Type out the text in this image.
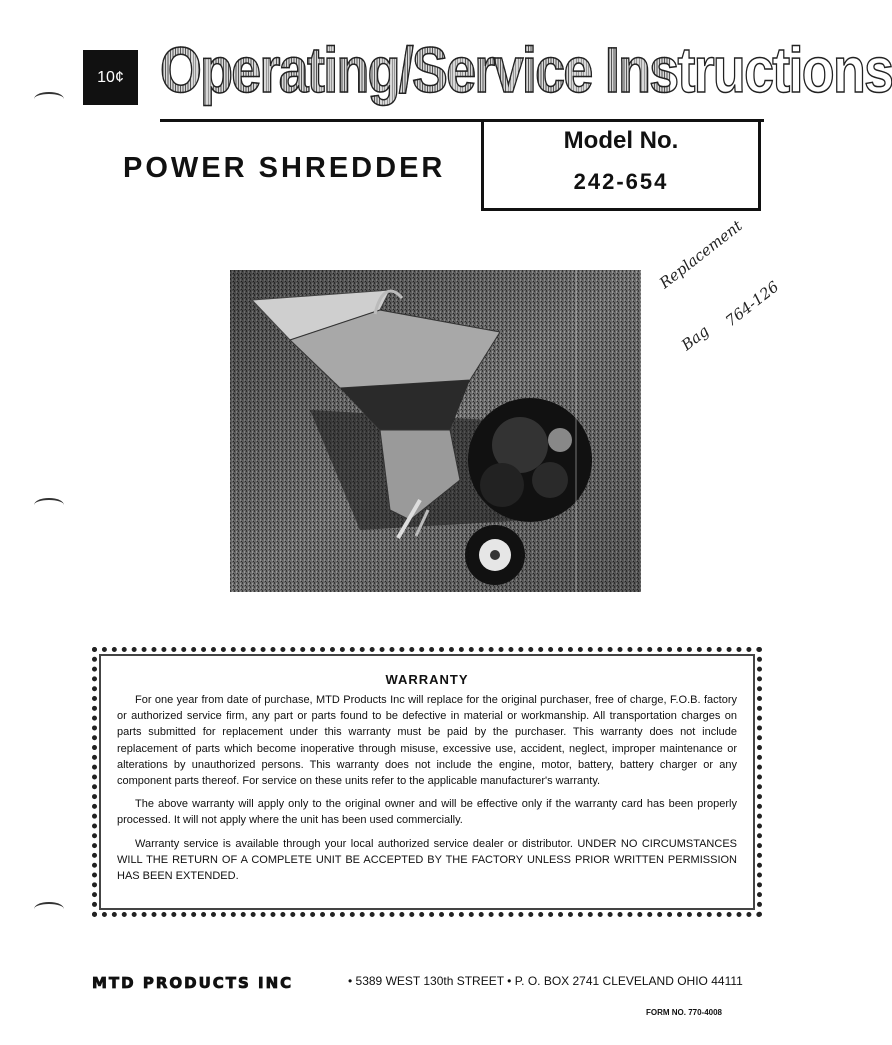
10¢ Operating/Service Instructions
POWER SHREDDER
Model No.
242-654
Replacement
Bag
764-126
WARRANTY

For one year from date of purchase, MTD Products Inc will replace for the original purchaser, free of charge, F.O.B. factory or authorized service firm, any part or parts found to be defective in material or workmanship. All transportation charges on parts submitted for replacement under this warranty must be paid by the purchaser. This warranty does not include replacement of parts which become inoperative through misuse, excessive use, accident, neglect, improper maintenance or alterations by unauthorized persons. This warranty does not include the engine, motor, battery, battery charger or any component parts thereof. For service on these units refer to the applicable manufacturer's warranty.

The above warranty will apply only to the original owner and will be effective only if the warranty card has been properly processed. It will not apply where the unit has been used commercially.

Warranty service is available through your local authorized service dealer or distributor. UNDER NO CIRCUMSTANCES WILL THE RETURN OF A COMPLETE UNIT BE ACCEPTED BY THE FACTORY UNLESS PRIOR WRITTEN PERMISSION HAS BEEN EXTENDED.

MTD PRODUCTS INC	• 5389 WEST 130th STREET • P. O. BOX 2741 CLEVELAND OHIO 44111
FORM NO. 770-4008
